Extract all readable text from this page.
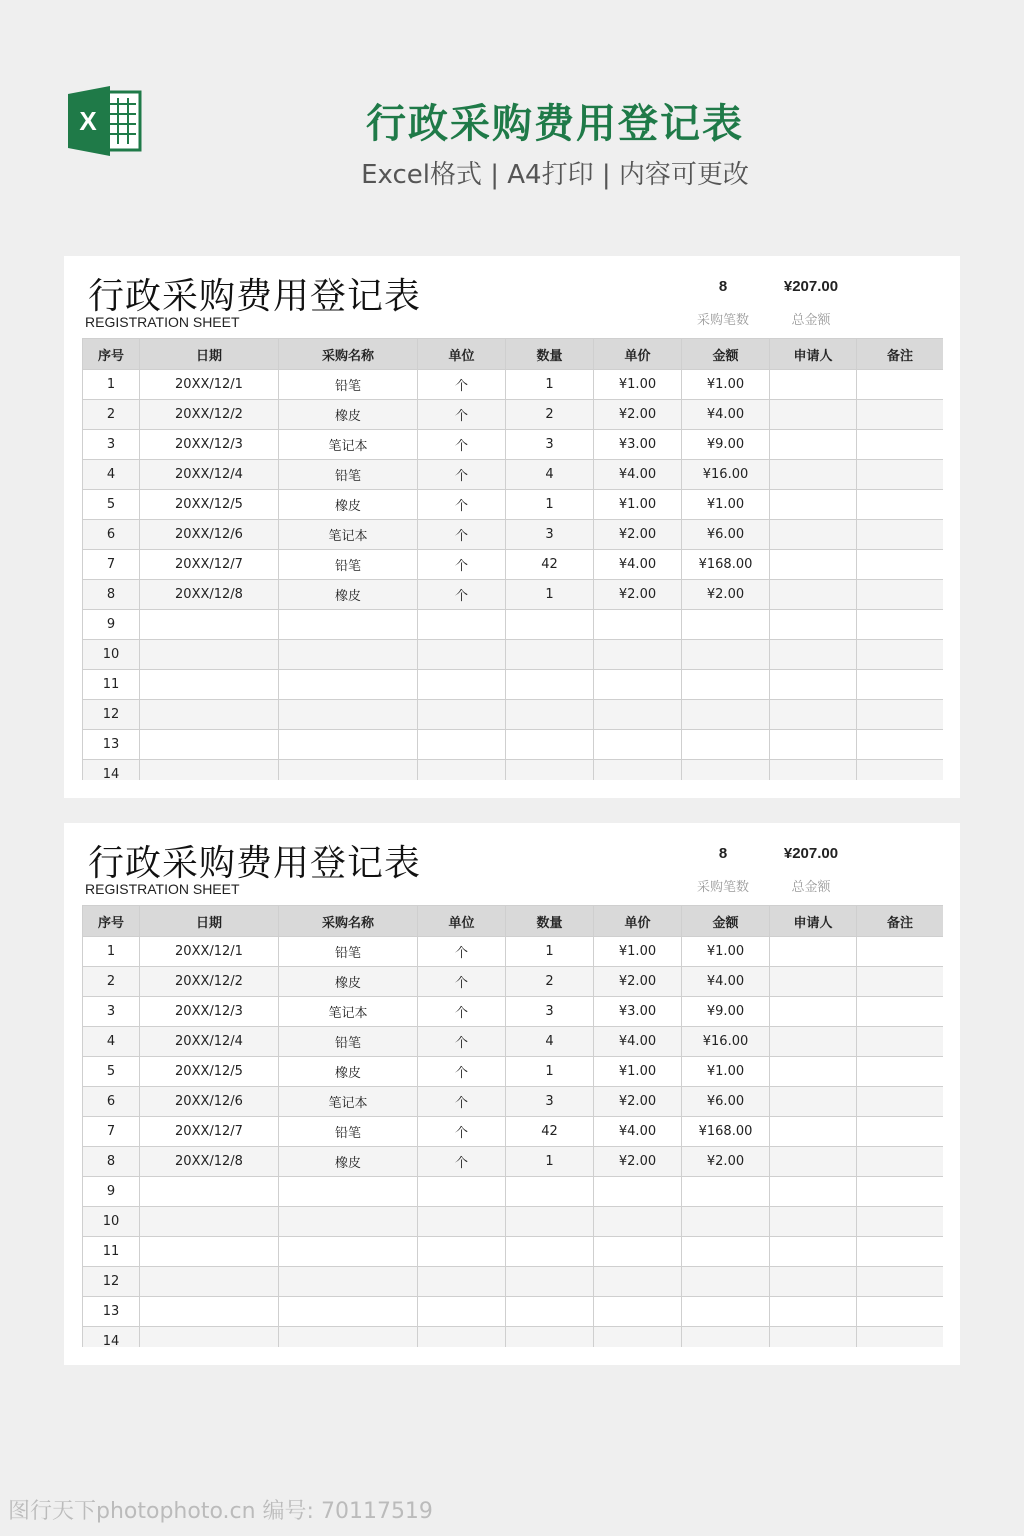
X	行政采购费用登记表
Excel格式 | A4打印 | 内容可更改
行政采购费用登记表
REGISTRATION SHEET
8
采购笔数
¥207.00
总金额
序号	日期	采购名称	单位	数量	单价	金额	申请人	备注
1	20XX/12/1	铅笔	个	1	¥1.00	¥1.00		
2	20XX/12/2	橡皮	个	2	¥2.00	¥4.00		
3	20XX/12/3	笔记本	个	3	¥3.00	¥9.00		
4	20XX/12/4	铅笔	个	4	¥4.00	¥16.00		
5	20XX/12/5	橡皮	个	1	¥1.00	¥1.00		
6	20XX/12/6	笔记本	个	3	¥2.00	¥6.00		
7	20XX/12/7	铅笔	个	42	¥4.00	¥168.00		
8	20XX/12/8	橡皮	个	1	¥2.00	¥2.00		
9								
10								
11								
12								
13								
14								
行政采购费用登记表
REGISTRATION SHEET
8
采购笔数
¥207.00
总金额
序号	日期	采购名称	单位	数量	单价	金额	申请人	备注
1	20XX/12/1	铅笔	个	1	¥1.00	¥1.00		
2	20XX/12/2	橡皮	个	2	¥2.00	¥4.00		
3	20XX/12/3	笔记本	个	3	¥3.00	¥9.00		
4	20XX/12/4	铅笔	个	4	¥4.00	¥16.00		
5	20XX/12/5	橡皮	个	1	¥1.00	¥1.00		
6	20XX/12/6	笔记本	个	3	¥2.00	¥6.00		
7	20XX/12/7	铅笔	个	42	¥4.00	¥168.00		
8	20XX/12/8	橡皮	个	1	¥2.00	¥2.00		
9								
10								
11								
12								
13								
14								
图行天下photophoto.cn 编号: 70117519
